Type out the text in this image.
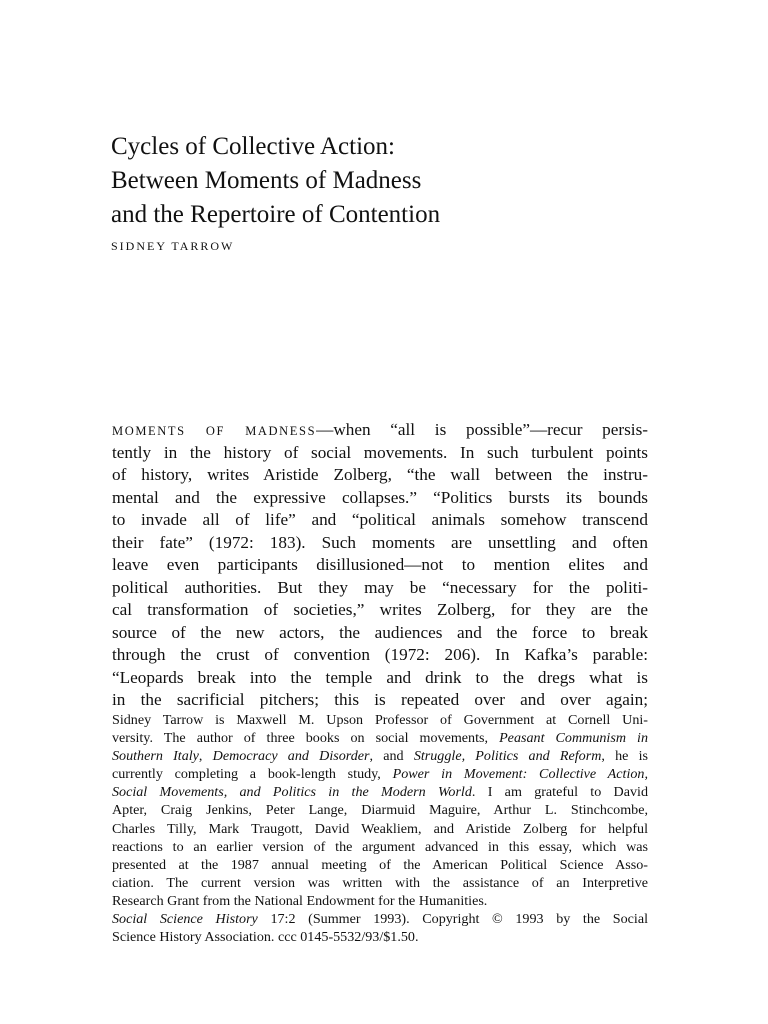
Cycles of Collective Action:
Between Moments of Madness
and the Repertoire of Contention
SIDNEY TARROW
MOMENTS OF MADNESS—when “all is possible”—recur persis-
tently in the history of social movements. In such turbulent points
of history, writes Aristide Zolberg, “the wall between the instru-
mental and the expressive collapses.” “Politics bursts its bounds
to invade all of life” and “political animals somehow transcend
their fate” (1972: 183). Such moments are unsettling and often
leave even participants disillusioned—not to mention elites and
political authorities. But they may be “necessary for the politi-
cal transformation of societies,” writes Zolberg, for they are the
source of the new actors, the audiences and the force to break
through the crust of convention (1972: 206). In Kafka’s parable:
“Leopards break into the temple and drink to the dregs what is
in the sacrificial pitchers; this is repeated over and over again;
Sidney Tarrow is Maxwell M. Upson Professor of Government at Cornell Uni-
versity. The author of three books on social movements, Peasant Communism in
Southern Italy, Democracy and Disorder, and Struggle, Politics and Reform, he is
currently completing a book-length study, Power in Movement: Collective Action,
Social Movements, and Politics in the Modern World. I am grateful to David
Apter, Craig Jenkins, Peter Lange, Diarmuid Maguire, Arthur L. Stinchcombe,
Charles Tilly, Mark Traugott, David Weakliem, and Aristide Zolberg for helpful
reactions to an earlier version of the argument advanced in this essay, which was
presented at the 1987 annual meeting of the American Political Science Asso-
ciation. The current version was written with the assistance of an Interpretive
Research Grant from the National Endowment for the Humanities.
Social Science History 17:2 (Summer 1993). Copyright © 1993 by the Social
Science History Association. ccc 0145-5532/93/$1.50.
